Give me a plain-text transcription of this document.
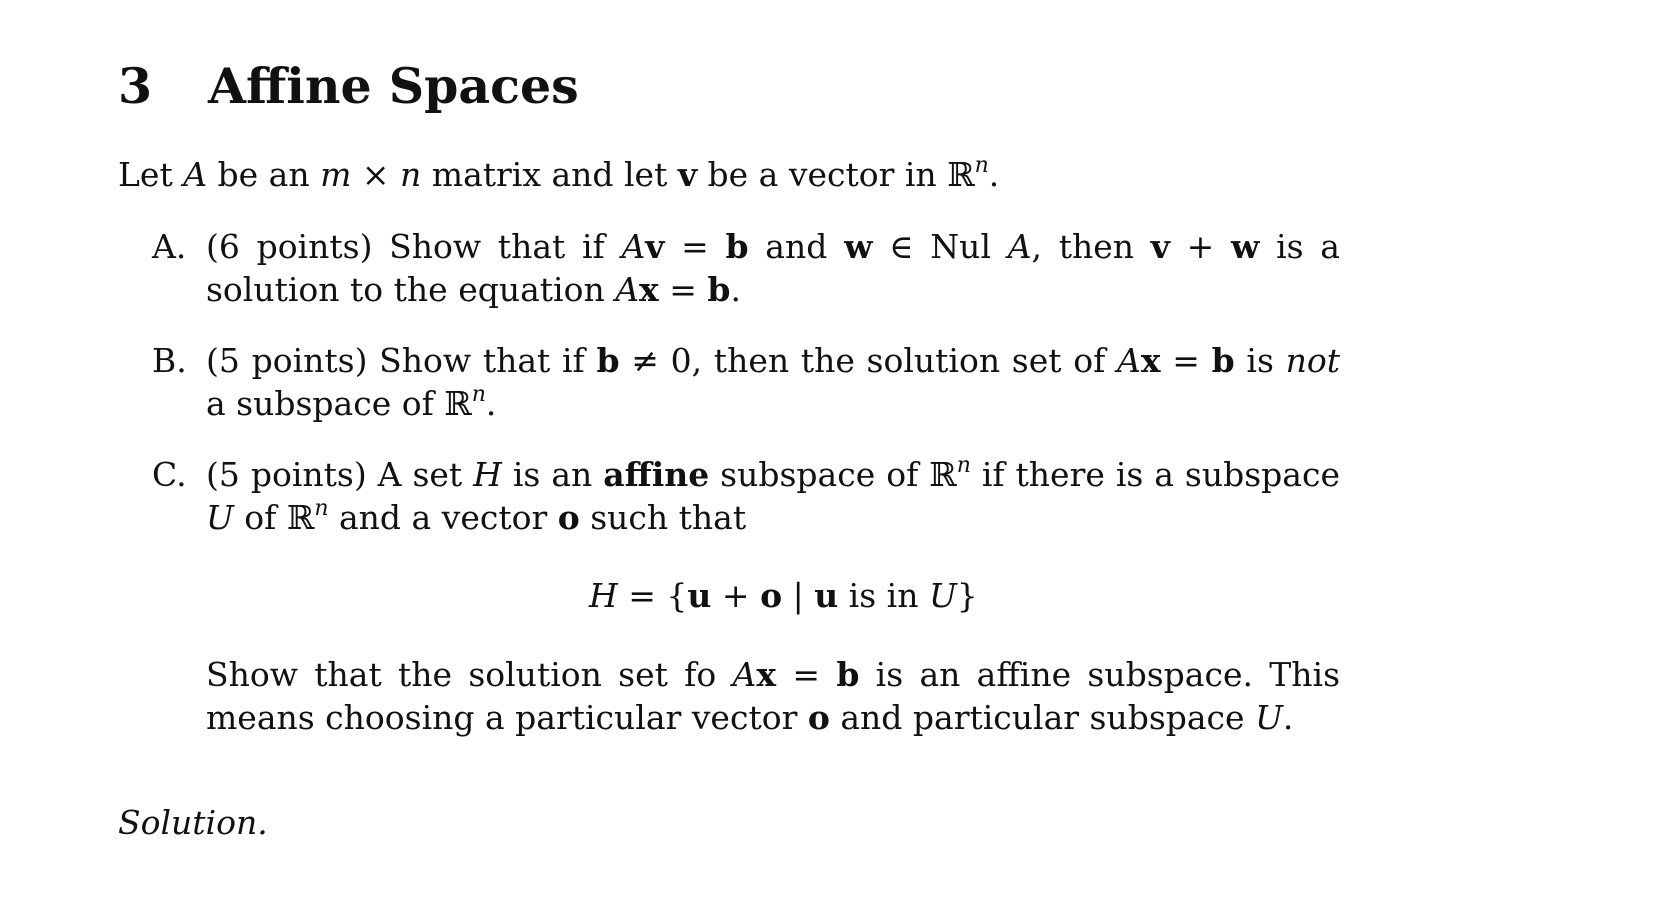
3 Affine Spaces
Let A be an m × n matrix and let v be a vector in ℝ$^n$.
A. (6 points) Show that if Av = b and w ∈ Nul A, then v + w is a solution to the equation Ax = b.
B. (5 points) Show that if b ≠ 0, then the solution set of Ax = b is not a subspace of ℝ$^n$.
C. (5 points) A set H is an affine subspace of ℝ$^n$ if there is a subspace U of ℝ$^n$ and a vector o such that
H = {u + o | u is in U}
Show that the solution set fo Ax = b is an affine subspace. This means choosing a particular vector o and particular subspace U.
Solution.
